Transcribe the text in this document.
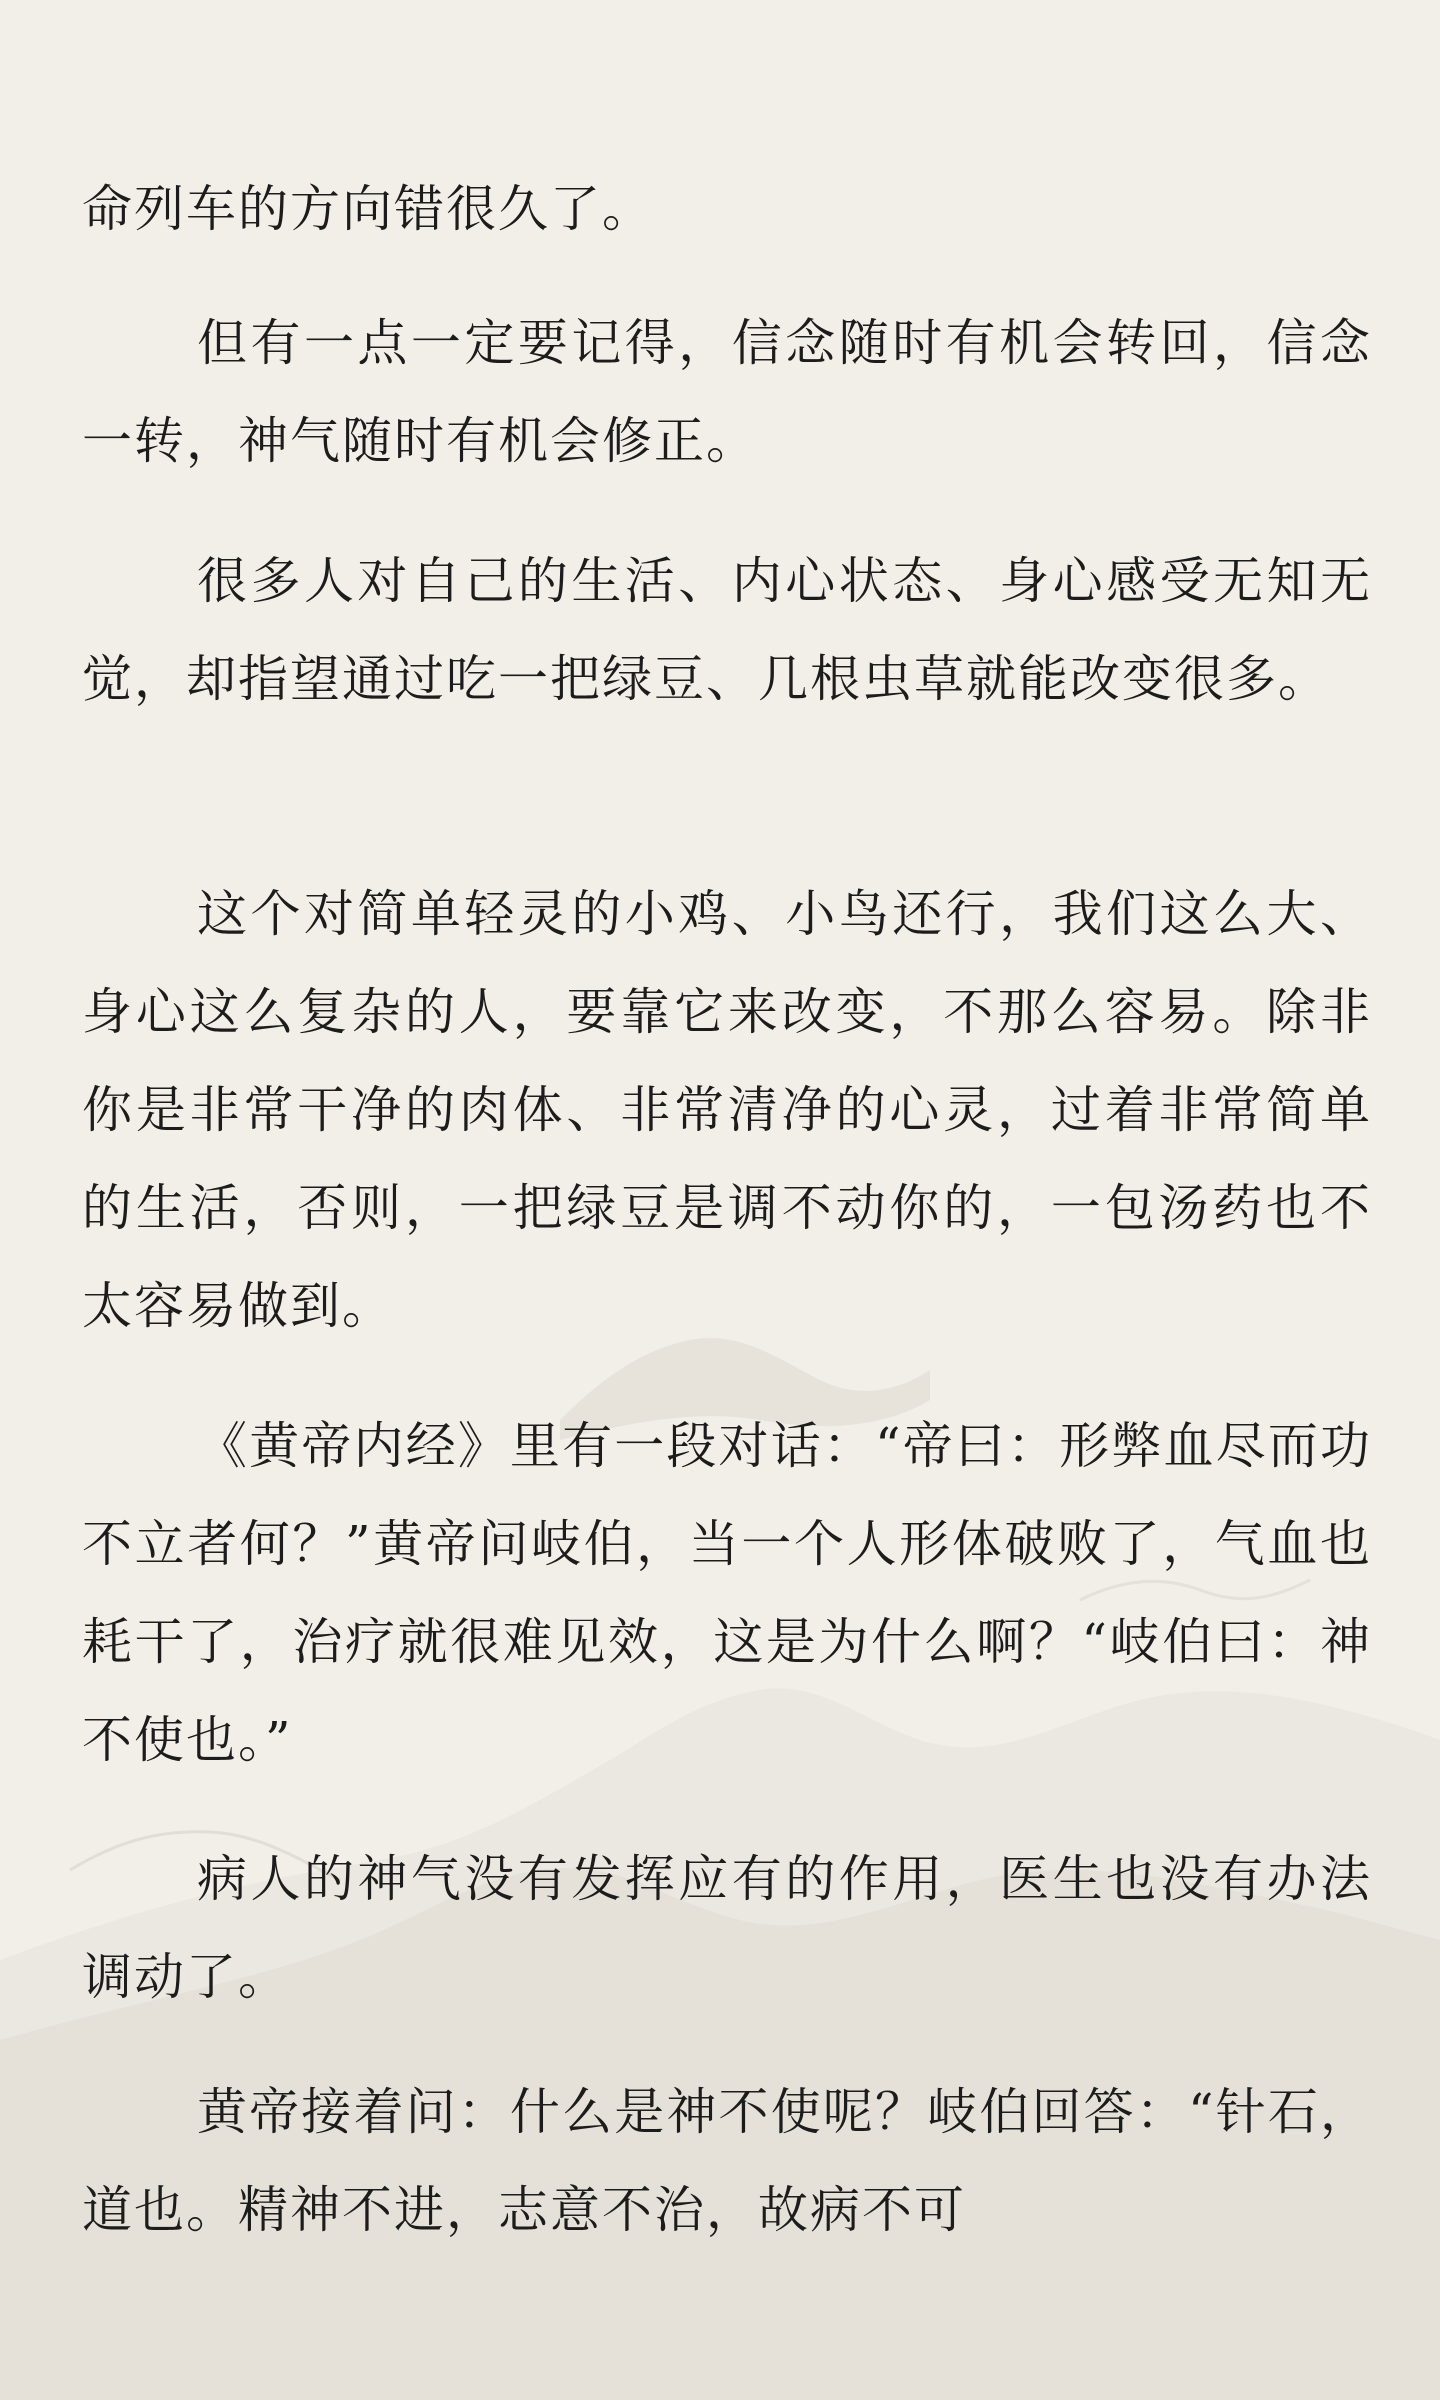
命列车的方向错很久了。

但有一点一定要记得，信念随时有机会转回，信念一转，神气随时有机会修正。

很多人对自己的生活、内心状态、身心感受无知无觉，却指望通过吃一把绿豆、几根虫草就能改变很多。

这个对简单轻灵的小鸡、小鸟还行，我们这么大、身心这么复杂的人，要靠它来改变，不那么容易。除非你是非常干净的肉体、非常清净的心灵，过着非常简单的生活，否则，一把绿豆是调不动你的，一包汤药也不太容易做到。

《黄帝内经》里有一段对话：“帝曰：形弊血尽而功不立者何？”黄帝问岐伯，当一个人形体破败了，气血也耗干了，治疗就很难见效，这是为什么啊？“岐伯曰：神不使也。”

病人的神气没有发挥应有的作用，医生也没有办法调动了。

黄帝接着问：什么是神不使呢？岐伯回答：“针石，道也。精神不进，志意不治，故病不可
